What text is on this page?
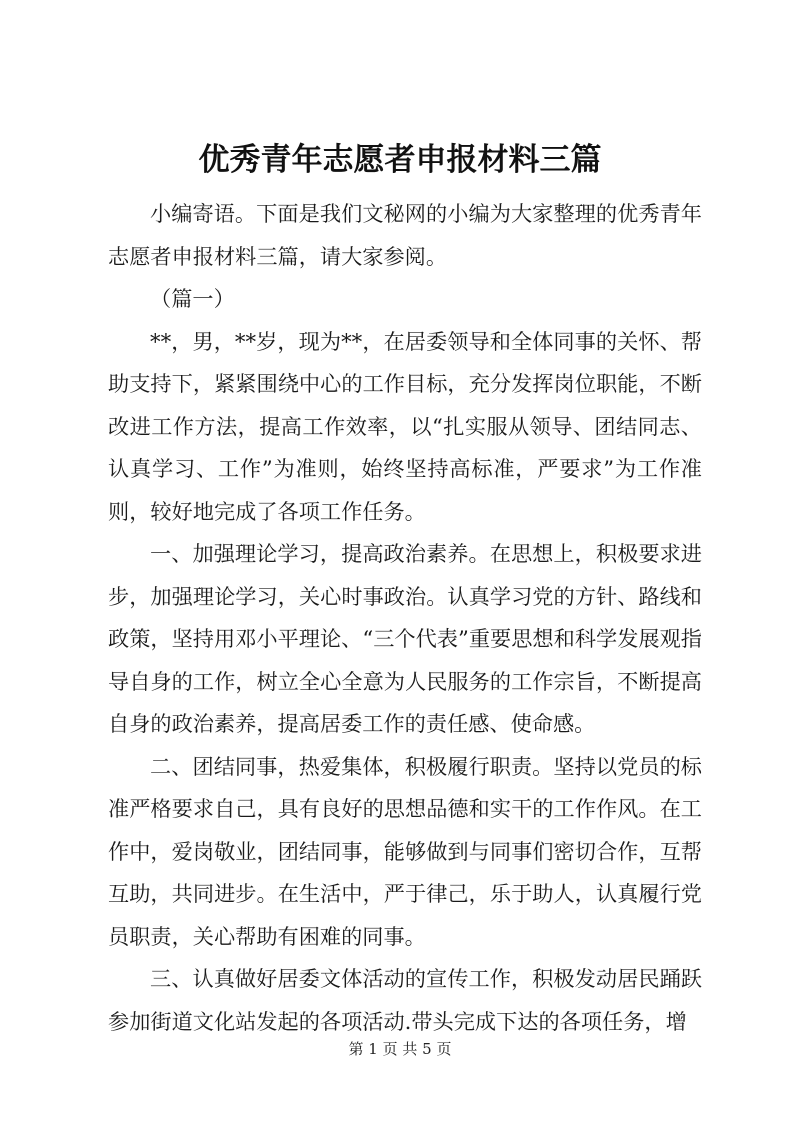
优秀青年志愿者申报材料三篇

小编寄语。下面是我们文秘网的小编为大家整理的优秀青年志愿者申报材料三篇，请大家参阅。

（篇一）

**，男，**岁，现为**，在居委领导和全体同事的关怀、帮助支持下，紧紧围绕中心的工作目标，充分发挥岗位职能，不断改进工作方法，提高工作效率，以“扎实服从领导、团结同志、认真学习、工作”为准则，始终坚持高标准，严要求”为工作准则，较好地完成了各项工作任务。

一、加强理论学习，提高政治素养。在思想上，积极要求进步，加强理论学习，关心时事政治。认真学习党的方针、路线和政策，坚持用邓小平理论、“三个代表”重要思想和科学发展观指导自身的工作，树立全心全意为人民服务的工作宗旨，不断提高自身的政治素养，提高居委工作的责任感、使命感。

二、团结同事，热爱集体，积极履行职责。坚持以党员的标准严格要求自己，具有良好的思想品德和实干的工作作风。在工作中，爱岗敬业，团结同事，能够做到与同事们密切合作，互帮互助，共同进步。在生活中，严于律己，乐于助人，认真履行党员职责，关心帮助有困难的同事。

三、认真做好居委文体活动的宣传工作，积极发动居民踊跃参加街道文化站发起的各项活动.带头完成下达的各项任务，增

第 1 页 共 5 页
